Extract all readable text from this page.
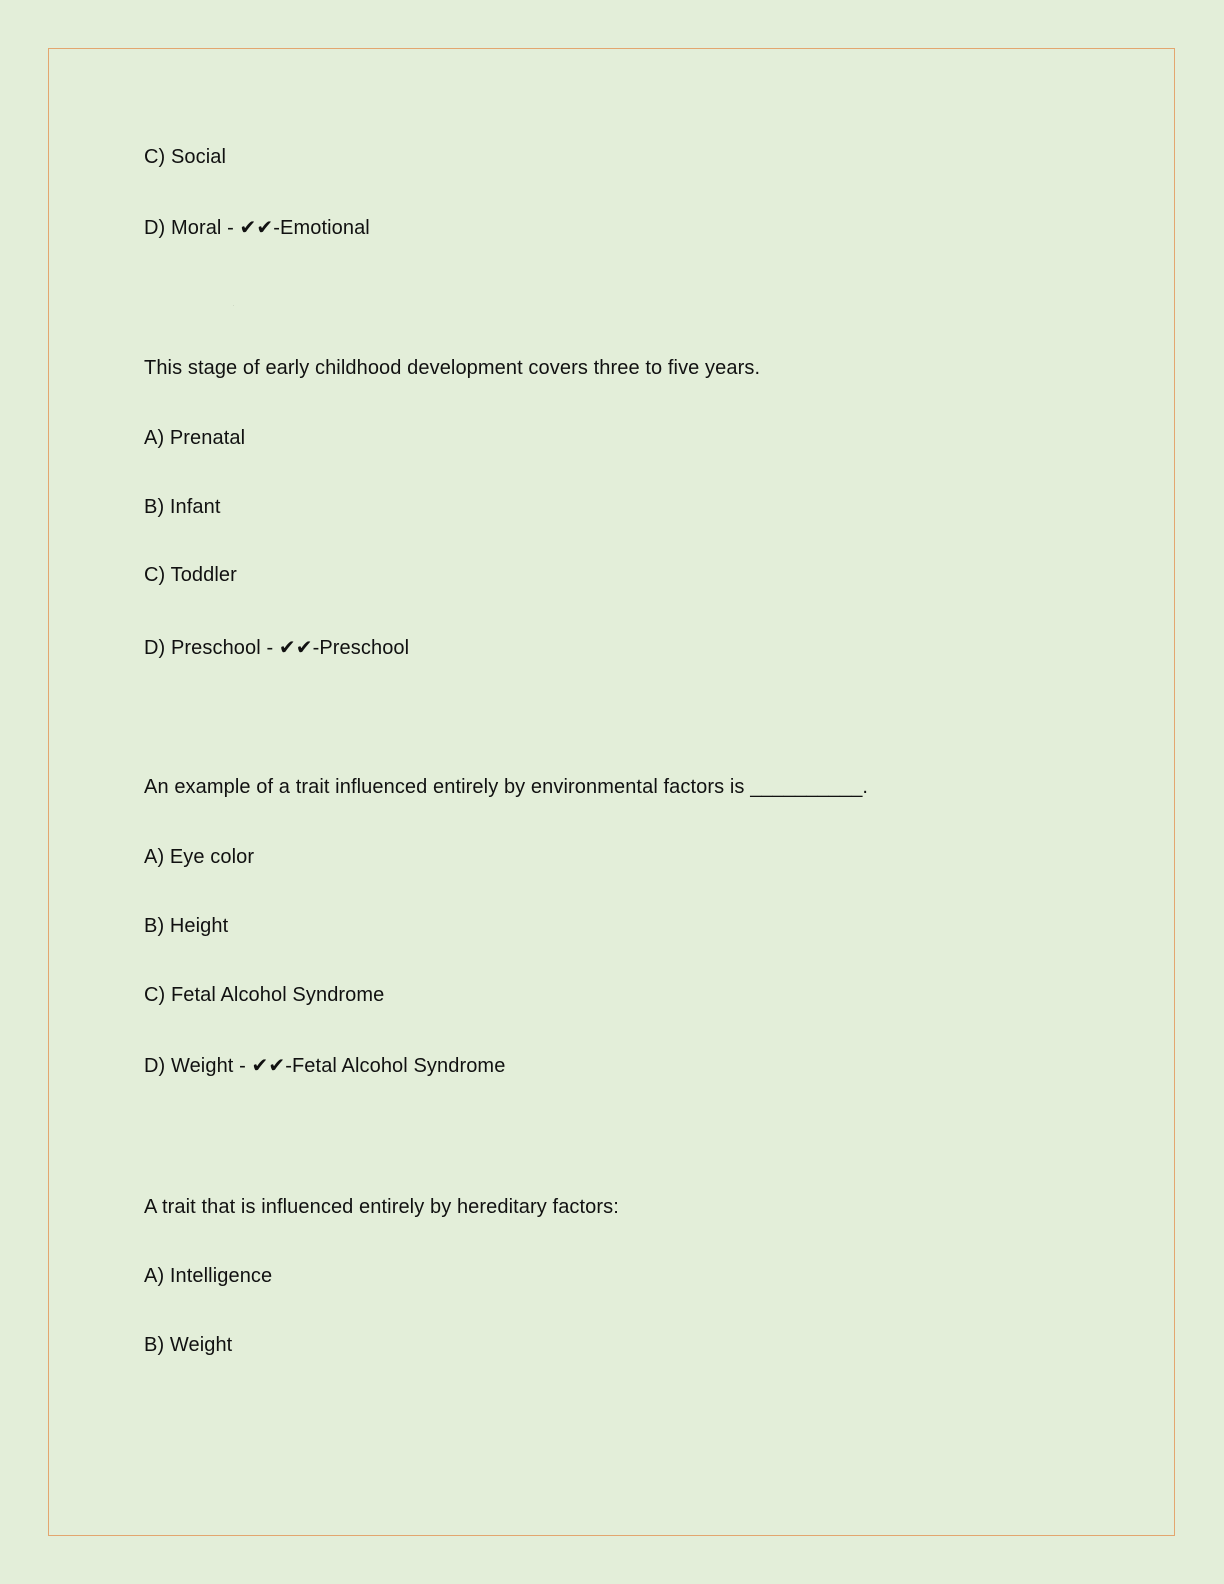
C) Social
D) Moral - ✔✔-Emotional
This stage of early childhood development covers three to five years.
A) Prenatal
B) Infant
C) Toddler
D) Preschool - ✔✔-Preschool
An example of a trait influenced entirely by environmental factors is __________.
A) Eye color
B) Height
C) Fetal Alcohol Syndrome
D) Weight - ✔✔-Fetal Alcohol Syndrome
A trait that is influenced entirely by hereditary factors:
A) Intelligence
B) Weight
